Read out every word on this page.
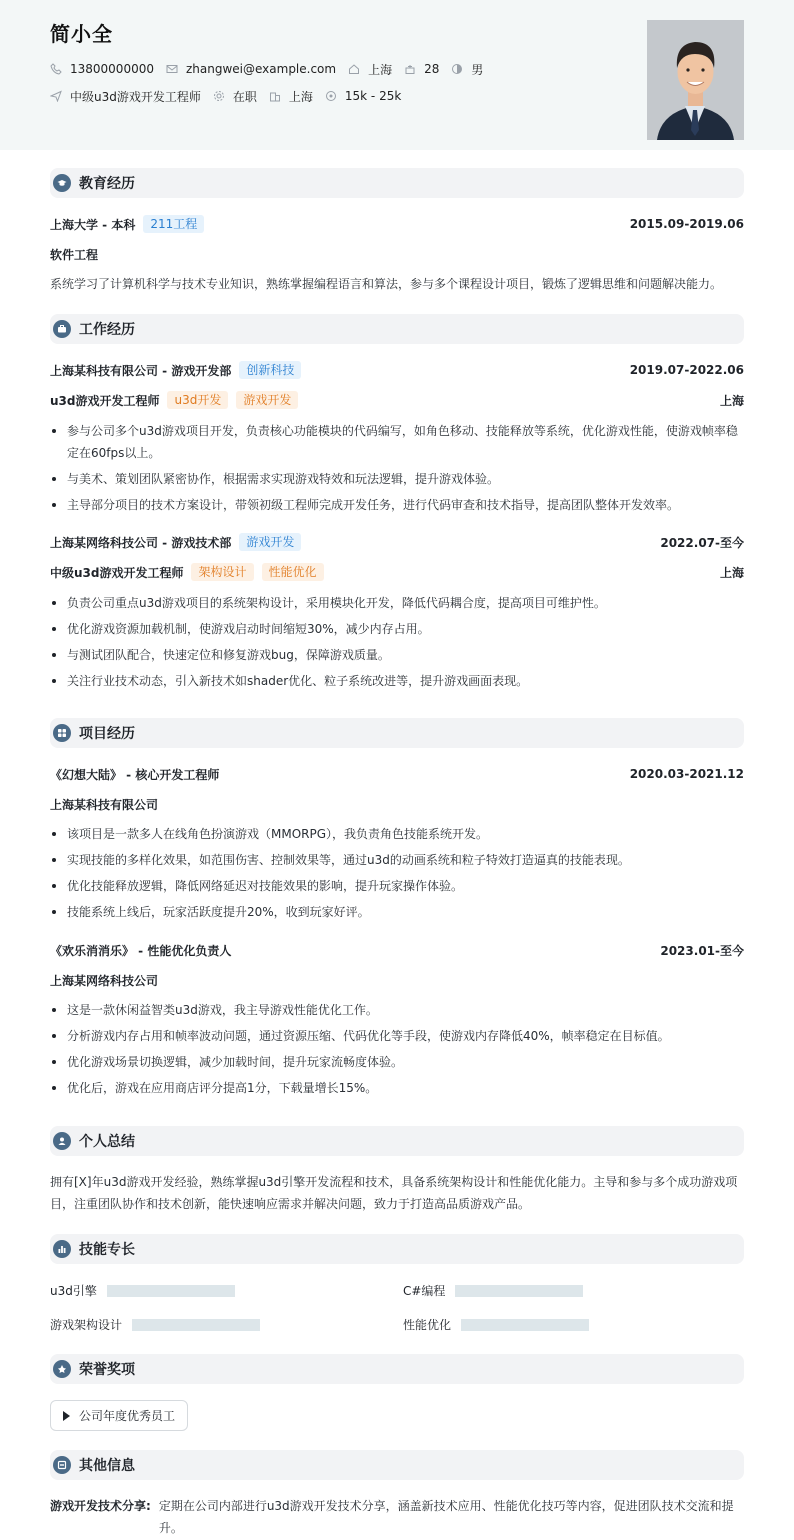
简小全
13800000000	zhangwei@example.com	上海	28	男
中级u3d游戏开发工程师	在职	上海	15k - 25k
教育经历
上海大学 - 本科	211工程	2015.09-2019.06
软件工程
系统学习了计算机科学与技术专业知识，熟练掌握编程语言和算法，参与多个课程设计项目，锻炼了逻辑思维和问题解决能力。
工作经历
上海某科技有限公司 - 游戏开发部	创新科技	2019.07-2022.06
u3d游戏开发工程师	u3d开发	游戏开发	上海
参与公司多个u3d游戏项目开发，负责核心功能模块的代码编写，如角色移动、技能释放等系统，优化游戏性能，使游戏帧率稳定在60fps以上。
与美术、策划团队紧密协作，根据需求实现游戏特效和玩法逻辑，提升游戏体验。
主导部分项目的技术方案设计，带领初级工程师完成开发任务，进行代码审查和技术指导，提高团队整体开发效率。
上海某网络科技公司 - 游戏技术部	游戏开发	2022.07-至今
中级u3d游戏开发工程师	架构设计	性能优化	上海
负责公司重点u3d游戏项目的系统架构设计，采用模块化开发，降低代码耦合度，提高项目可维护性。
优化游戏资源加载机制，使游戏启动时间缩短30%，减少内存占用。
与测试团队配合，快速定位和修复游戏bug，保障游戏质量。
关注行业技术动态，引入新技术如shader优化、粒子系统改进等，提升游戏画面表现。
项目经历
《幻想大陆》 - 核心开发工程师	2020.03-2021.12
上海某科技有限公司
该项目是一款多人在线角色扮演游戏（MMORPG），我负责角色技能系统开发。
实现技能的多样化效果，如范围伤害、控制效果等，通过u3d的动画系统和粒子特效打造逼真的技能表现。
优化技能释放逻辑，降低网络延迟对技能效果的影响，提升玩家操作体验。
技能系统上线后，玩家活跃度提升20%，收到玩家好评。
《欢乐消消乐》 - 性能优化负责人	2023.01-至今
上海某网络科技公司
这是一款休闲益智类u3d游戏，我主导游戏性能优化工作。
分析游戏内存占用和帧率波动问题，通过资源压缩、代码优化等手段，使游戏内存降低40%，帧率稳定在目标值。
优化游戏场景切换逻辑，减少加载时间，提升玩家流畅度体验。
优化后，游戏在应用商店评分提高1分，下载量增长15%。
个人总结
拥有[X]年u3d游戏开发经验，熟练掌握u3d引擎开发流程和技术，具备系统架构设计和性能优化能力。主导和参与多个成功游戏项目，注重团队协作和技术创新，能快速响应需求并解决问题，致力于打造高品质游戏产品。
技能专长
u3d引擎	C#编程
游戏架构设计	性能优化
荣誉奖项
公司年度优秀员工
其他信息
游戏开发技术分享: 定期在公司内部进行u3d游戏开发技术分享，涵盖新技术应用、性能优化技巧等内容，促进团队技术交流和提升。
